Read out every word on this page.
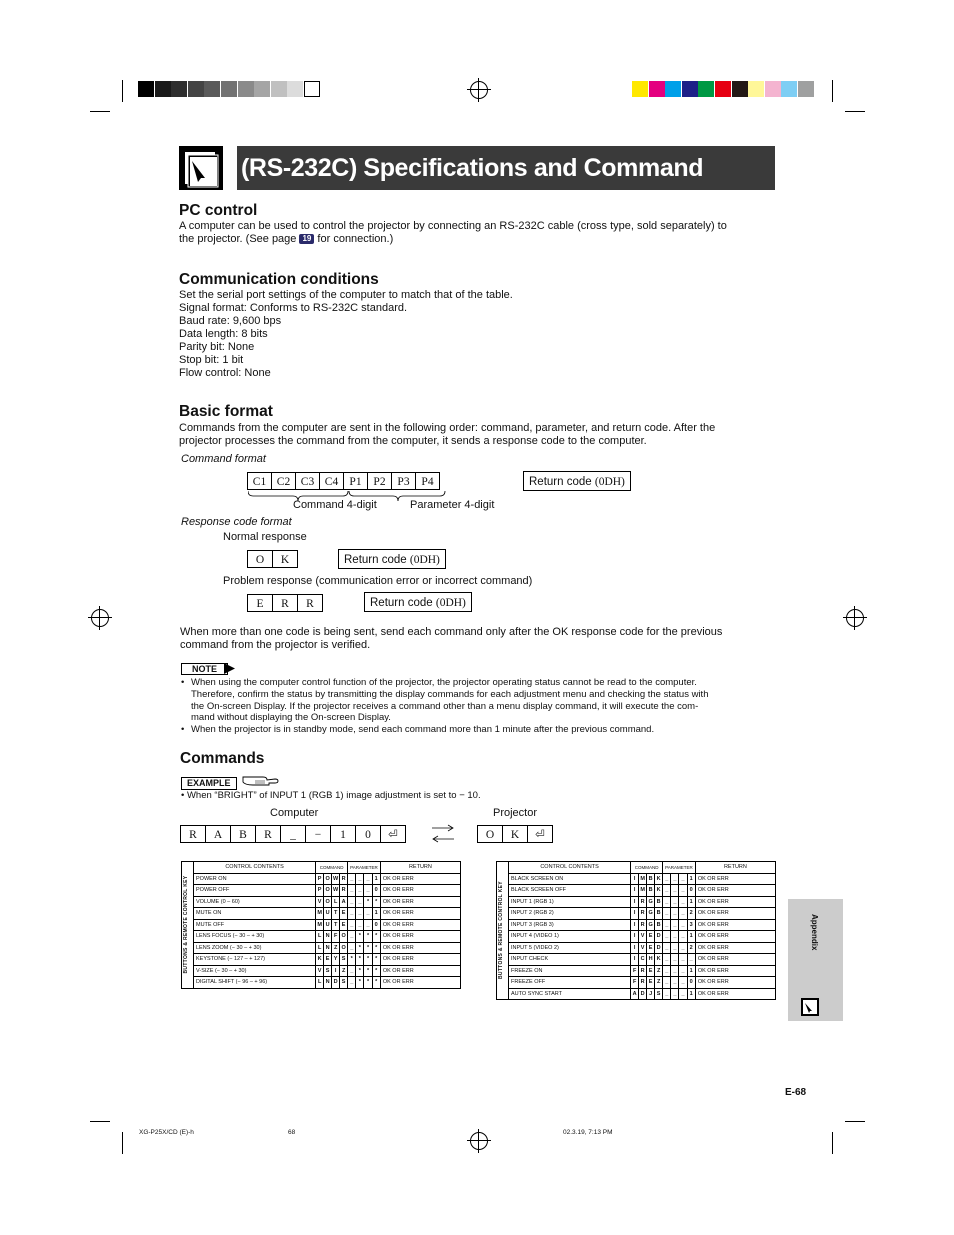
(RS-232C) Specifications and Command Settings
PC control
A computer can be used to control the projector by connecting an RS-232C cable (cross type, sold separately) to
the projector. (See page 19 for connection.)
Communication conditions
Set the serial port settings of the computer to match that of the table.
Signal format: Conforms to RS-232C standard.
Baud rate: 9,600 bps
Data length: 8 bits
Parity bit: None
Stop bit: 1 bit
Flow control: None
Basic format
Commands from the computer are sent in the following order: command, parameter, and return code. After the
projector processes the command from the computer, it sends a response code to the computer.
Command format
C1 C2 C3 C4 P1	P2	P3	P4	Return code (0DH)
Command 4-digit	Parameter 4-digit
Response code format
Normal response
O	K	Return code (0DH)
Problem response (communication error or incorrect command)
E	R	R	Return code (0DH)
When more than one code is being sent, send each command only after the OK response code for the previous
command from the projector is verified.
NOTE
• When using the computer control function of the projector, the projector operating status cannot be read to the computer.
Therefore, confirm the status by transmitting the display commands for each adjustment menu and checking the status with
the On-screen Display. If the projector receives a command other than a menu display command, it will execute the com-
mand without displaying the On-screen Display.
• When the projector is in standby mode, send each command more than 1 minute after the previous command.
Commands
EXAMPLE
• When “BRIGHT” of INPUT 1 (RGB 1) image adjustment is set to − 10.
Computer	Projector
R	A	B	R	_	−	1	0	⏎	O	K	⏎
BUTTONS & REMOTE CONTROL KEY	CONTROL CONTENTS	COMMAND				PARAMETER				RETURN
	POWER ON	P	O	W	R	_	_	_	1	OK OR ERR
	POWER OFF	P	O	W	R	_	_	_	0	OK OR ERR
	VOLUME (0 – 60)	V	O	L	A	_	_	*	*	OK OR ERR
	MUTE ON	M	U	T	E	_	_	_	1	OK OR ERR
	MUTE OFF	M	U	T	E	_	_	_	0	OK OR ERR
	LENS FOCUS (− 30 – + 30)	L	N	F	O	_	*	*	*	OK OR ERR
	LENS ZOOM (− 30 – + 30)	L	N	Z	O	_	*	*	*	OK OR ERR
	KEYSTONE (− 127 – + 127)	K	E	Y	S	*	*	*	*	OK OR ERR
	V-SIZE (− 30 – + 30)	V	S	I	Z	_	*	*	*	OK OR ERR
	DIGITAL SHIFT (− 96 – + 96)	L	N	D	S	_	*	*	*	OK OR ERR
BUTTONS & REMOTE CONTROL KEY	CONTROL CONTENTS	COMMAND				PARAMETER				RETURN
	BLACK SCREEN ON	I	M	B	K	_	_	_	1	OK OR ERR
	BLACK SCREEN OFF	I	M	B	K	_	_	_	0	OK OR ERR
	INPUT 1 (RGB 1)	I	R	G	B	_	_	_	1	OK OR ERR
	INPUT 2 (RGB 2)	I	R	G	B	_	_	_	2	OK OR ERR
	INPUT 3 (RGB 3)	I	R	G	B	_	_	_	3	OK OR ERR
	INPUT 4 (VIDEO 1)	I	V	E	D	_	_	_	1	OK OR ERR
	INPUT 5 (VIDEO 2)	I	V	E	D	_	_	_	2	OK OR ERR
	INPUT CHECK	I	C	H	K	_	_	_	_	OK OR ERR
	FREEZE ON	F	R	E	Z	_	_	_	1	OK OR ERR
	FREEZE OFF	F	R	E	Z	_	_	_	0	OK OR ERR
	AUTO SYNC START	A	D	J	S	_	_	_	1	OK OR ERR
Appendix
E-68
XG-P25X/CD (E)-h	68	02.3.19, 7:13 PM
